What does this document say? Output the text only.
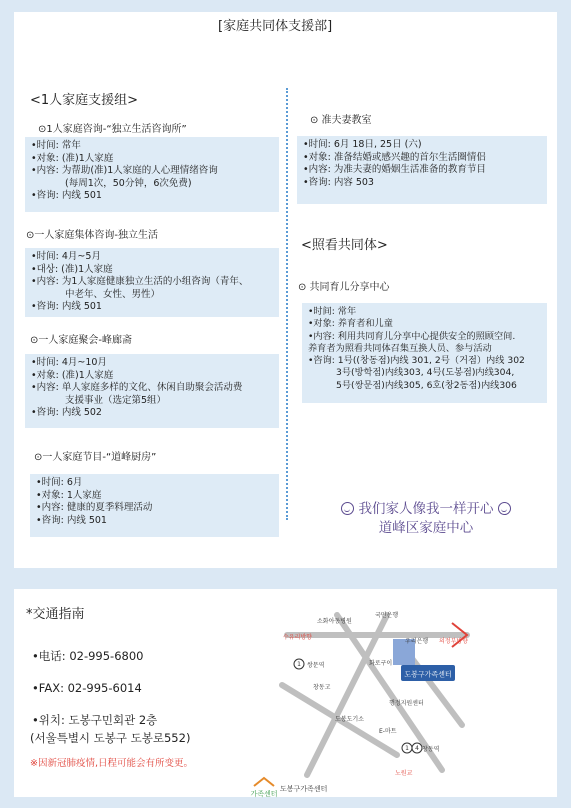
[家庭共同体支援部]
<1人家庭支援组>
⊙1人家庭咨询-“独立生活咨询所”
•时间: 常年
•对象: (准)1人家庭
•内容: 为帮助(准)1人家庭的人心理情绪咨询
(每周1次，50分钟，6次免费)
•咨询: 内线 501
⊙一人家庭集体咨询-独立生活
•时间: 4月~5月
•대상: (准)1人家庭
•内容: 为1人家庭健康独立生活的小组咨询（青年、
中老年、女性、男性）
•咨询: 内线 501
⊙一人家庭聚会-峰廊斋
•时间: 4月~10月
•对象: (准)1人家庭
•内容: 单人家庭多样的文化、休闲自助聚会活动费
支援事业（选定第5组）
•咨询: 内线 502
⊙一人家庭节目-“道峰厨房”
•时间: 6月
•对象: 1人家庭
•内容: 健康的夏季料理活动
•咨询: 内线 501
⊙ 准夫妻教室
•时间: 6月 18日, 25日 (六)
•对象: 准备结婚或感兴趣的首尔生活圈情侣
•内容: 为准夫妻的婚姻生活准备的教育节目
•咨询: 内容 503
<照看共同体>
⊙ 共同育儿分享中心
•时间: 常年
•对象: 养育者和儿童
•内容: 利用共同育儿分享中心提供安全的照顾空间.
养育者为照看共同体召集互换人员、参与活动
•咨询: 1号((창동점)内线 301, 2号（거점）内线 302
3号(방학점)内线303, 4号(도봉점)内线304,
5号(쌍문점)内线305, 6호(창2동점)内线306
我们家人像我一样开心
道峰区家庭中心
*交通指南
•电话: 02-995-6800
•FAX: 02-995-6014
•위치: 도봉구민회관 2층
(서울특별시 도봉구 도봉로552)
※因新冠肺疫情,日程可能会有所变更。
도봉구가족센터
국민은행
소화아동병원
우리은행
수유리방향
의정부방향
쌍문역
창동고
화로구이
도봉도기소
행정지원센터
E-마트
창동역
노원교
1
1 4
가족센터
도봉구가족센터
